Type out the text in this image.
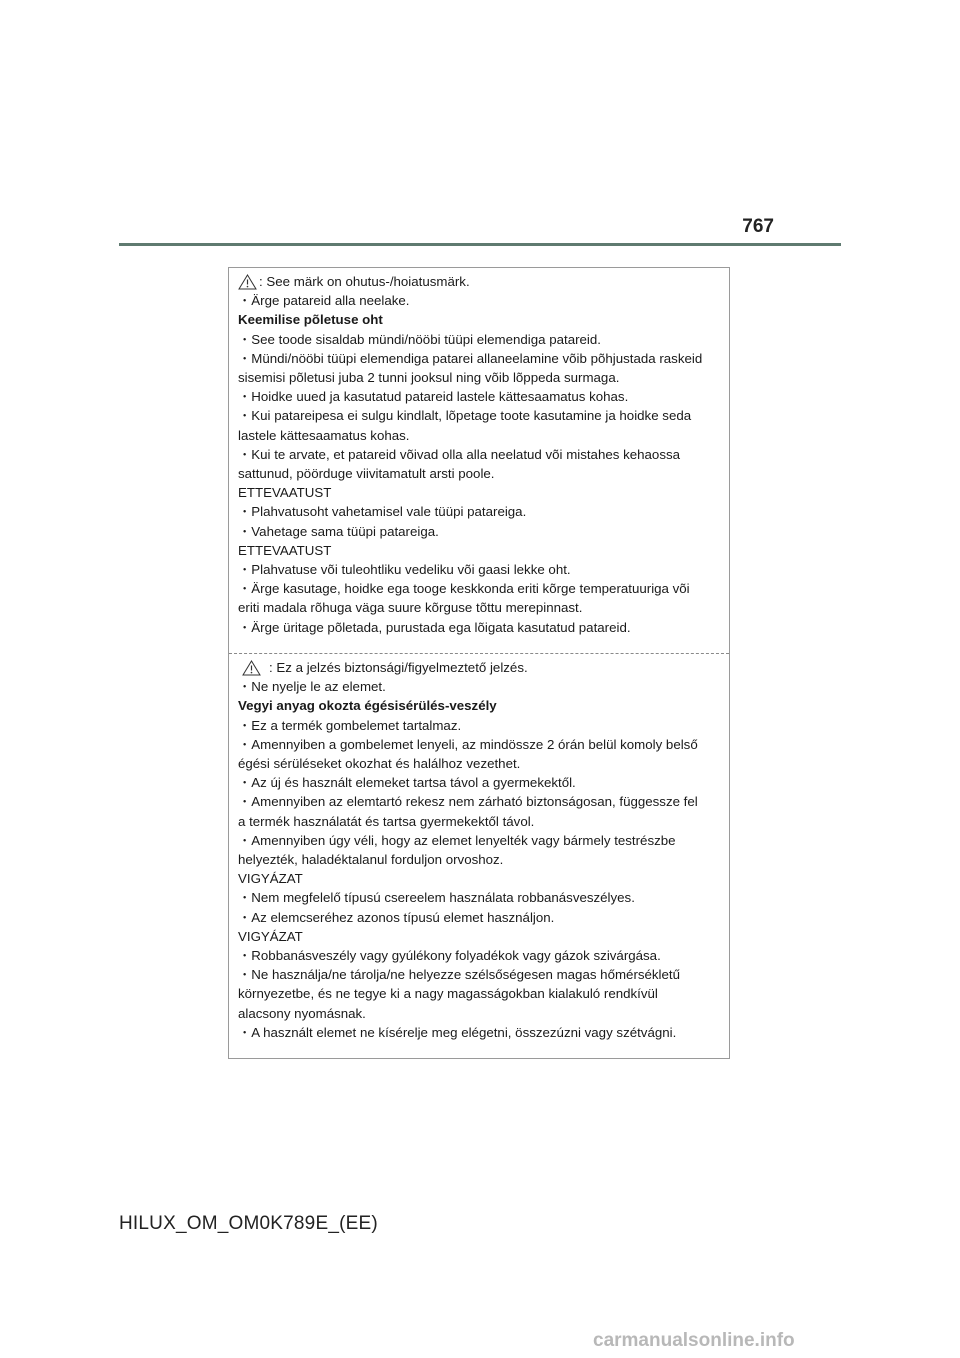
767
: See märk on ohutus-/hoiatusmärk.
・Ärge patareid alla neelake.
Keemilise põletuse oht
・See toode sisaldab mündi/nööbi tüüpi elemendiga patareid.
・Mündi/nööbi tüüpi elemendiga patarei allaneelamine võib põhjustada raskeid
sisemisi põletusi juba 2 tunni jooksul ning võib lõppeda surmaga.
・Hoidke uued ja kasutatud patareid lastele kättesaamatus kohas.
・Kui patareipesa ei sulgu kindlalt, lõpetage toote kasutamine ja hoidke seda
lastele kättesaamatus kohas.
・Kui te arvate, et patareid võivad olla alla neelatud või mistahes kehaossa
sattunud, pöörduge viivitamatult arsti poole.
ETTEVAATUST
・Plahvatusoht vahetamisel vale tüüpi patareiga.
・Vahetage sama tüüpi patareiga.
ETTEVAATUST
・Plahvatuse või tuleohtliku vedeliku või gaasi lekke oht.
・Ärge kasutage, hoidke ega tooge keskkonda eriti kõrge temperatuuriga või
eriti madala rõhuga väga suure kõrguse tõttu merepinnast.
・Ärge üritage põletada, purustada ega lõigata kasutatud patareid.
: Ez a jelzés biztonsági/figyelmeztető jelzés.
・Ne nyelje le az elemet.
Vegyi anyag okozta égésisérülés-veszély
・Ez a termék gombelemet tartalmaz.
・Amennyiben a gombelemet lenyeli, az mindössze 2 órán belül komoly belső
égési sérüléseket okozhat és halálhoz vezethet.
・Az új és használt elemeket tartsa távol a gyermekektől.
・Amennyiben az elemtartó rekesz nem zárható biztonságosan, függessze fel
a termék használatát és tartsa gyermekektől távol.
・Amennyiben úgy véli, hogy az elemet lenyelték vagy bármely testrészbe
helyezték, haladéktalanul forduljon orvoshoz.
VIGYÁZAT
・Nem megfelelő típusú csereelem használata robbanásveszélyes.
・Az elemcseréhez azonos típusú elemet használjon.
VIGYÁZAT
・Robbanásveszély vagy gyúlékony folyadékok vagy gázok szivárgása.
・Ne használja/ne tárolja/ne helyezze szélsőségesen magas hőmérsékletű
környezetbe, és ne tegye ki a nagy magasságokban kialakuló rendkívül
alacsony nyomásnak.
・A használt elemet ne kísérelje meg elégetni, összezúzni vagy szétvágni.
HILUX_OM_OM0K789E_(EE)
carmanualsonline.info
